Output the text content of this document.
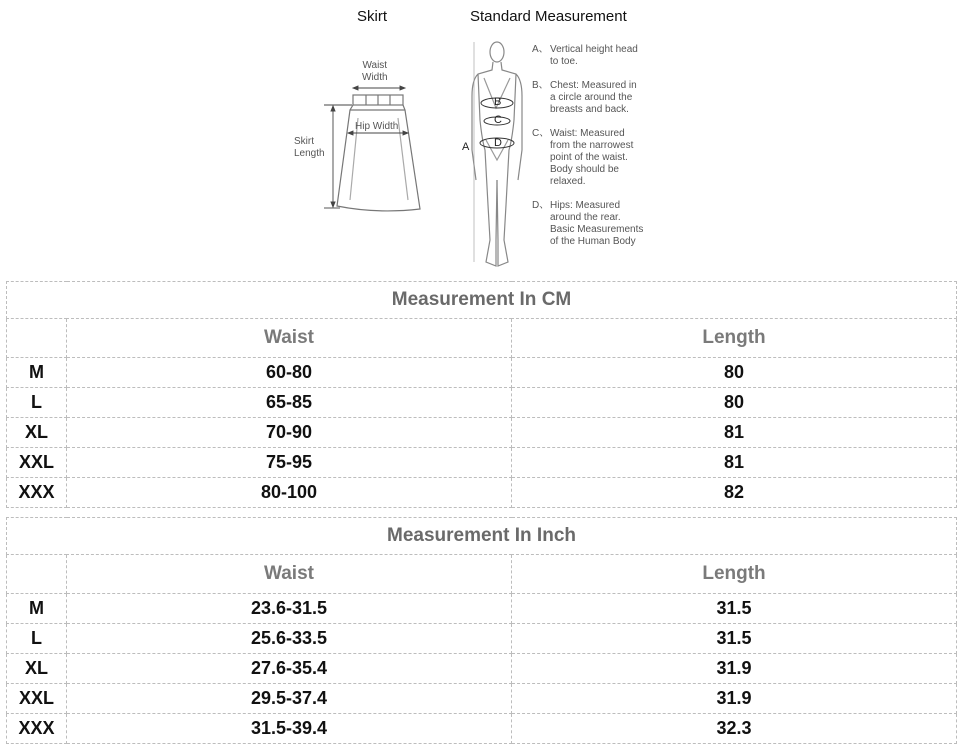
Skirt	Standard Measurement
Waist
Width
Hip Width
Skirt
Length
A
B
C
D
A、 Vertical height head
to toe.
B、 Chest: Measured in
a circle around the
breasts and back.
C、 Waist: Measured
from the narrowest
point of the waist.
Body should be
relaxed.
D、 Hips: Measured
around the rear.
Basic Measurements
of the Human Body
Measurement In CM		
	Waist	Length
M	60-80	80
L	65-85	80
XL	70-90	81
XXL	75-95	81
XXX	80-100	82
Measurement In Inch		
	Waist	Length
M	23.6-31.5	31.5
L	25.6-33.5	31.5
XL	27.6-35.4	31.9
XXL	29.5-37.4	31.9
XXX	31.5-39.4	32.3
